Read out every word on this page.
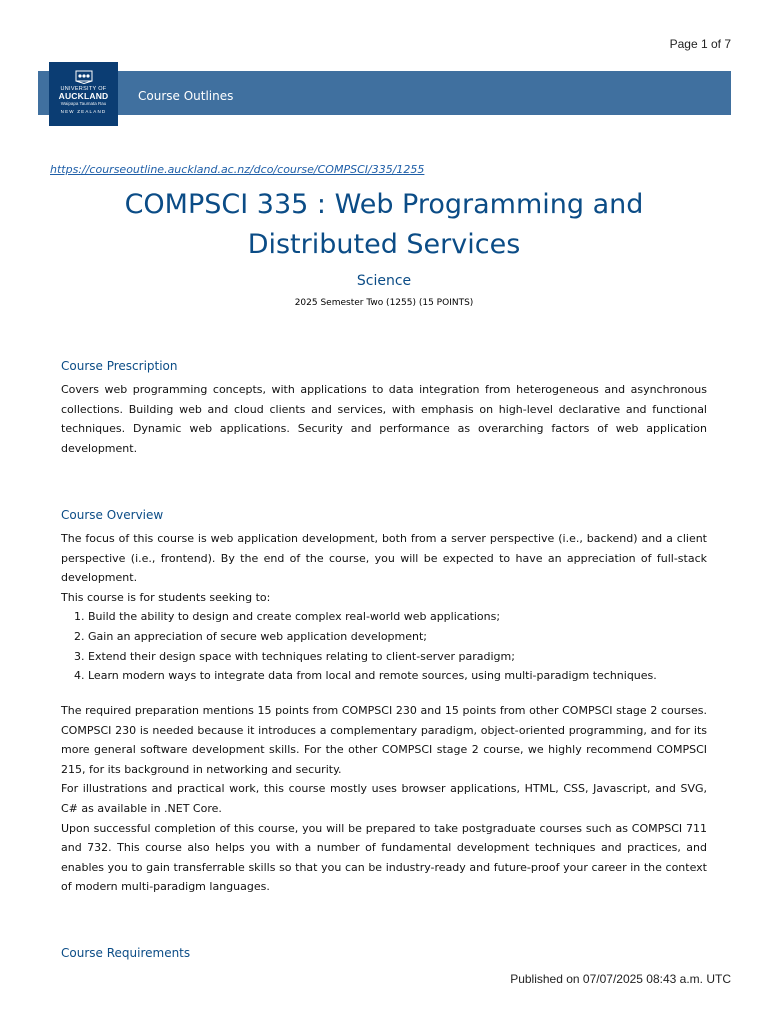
Page 1 of 7
UNIVERSITY OF
AUCKLAND
Waipapa Taumata Rau
NEW ZEALAND
Course Outlines
https://courseoutline.auckland.ac.nz/dco/course/COMPSCI/335/1255
COMPSCI 335 : Web Programming and
Distributed Services
Science
2025 Semester Two (1255) (15 POINTS)
Course Prescription

Covers web programming concepts, with applications to data integration from heterogeneous and asynchronous collections. Building web and cloud clients and services, with emphasis on high-level declarative and functional techniques. Dynamic web applications. Security and performance as overarching factors of web application development.

Course Overview

The focus of this course is web application development, both from a server perspective (i.e., backend) and a client perspective (i.e., frontend). By the end of the course, you will be expected to have an appreciation of full-stack development.

This course is for students seeking to:

1. Build the ability to design and create complex real-world web applications;
2. Gain an appreciation of secure web application development;
3. Extend their design space with techniques relating to client-server paradigm;
4. Learn modern ways to integrate data from local and remote sources, using multi-paradigm techniques.

The required preparation mentions 15 points from COMPSCI 230 and 15 points from other COMPSCI stage 2 courses. COMPSCI 230 is needed because it introduces a complementary paradigm, object-oriented programming, and for its more general software development skills. For the other COMPSCI stage 2 course, we highly recommend COMPSCI 215, for its background in networking and security.

For illustrations and practical work, this course mostly uses browser applications, HTML, CSS, Javascript, and SVG, C# as available in .NET Core.

Upon successful completion of this course, you will be prepared to take postgraduate courses such as COMPSCI 711 and 732. This course also helps you with a number of fundamental development techniques and practices, and enables you to gain transferrable skills so that you can be industry-ready and future-proof your career in the context of modern multi-paradigm languages.

Course Requirements
Published on 07/07/2025 08:43 a.m. UTC
